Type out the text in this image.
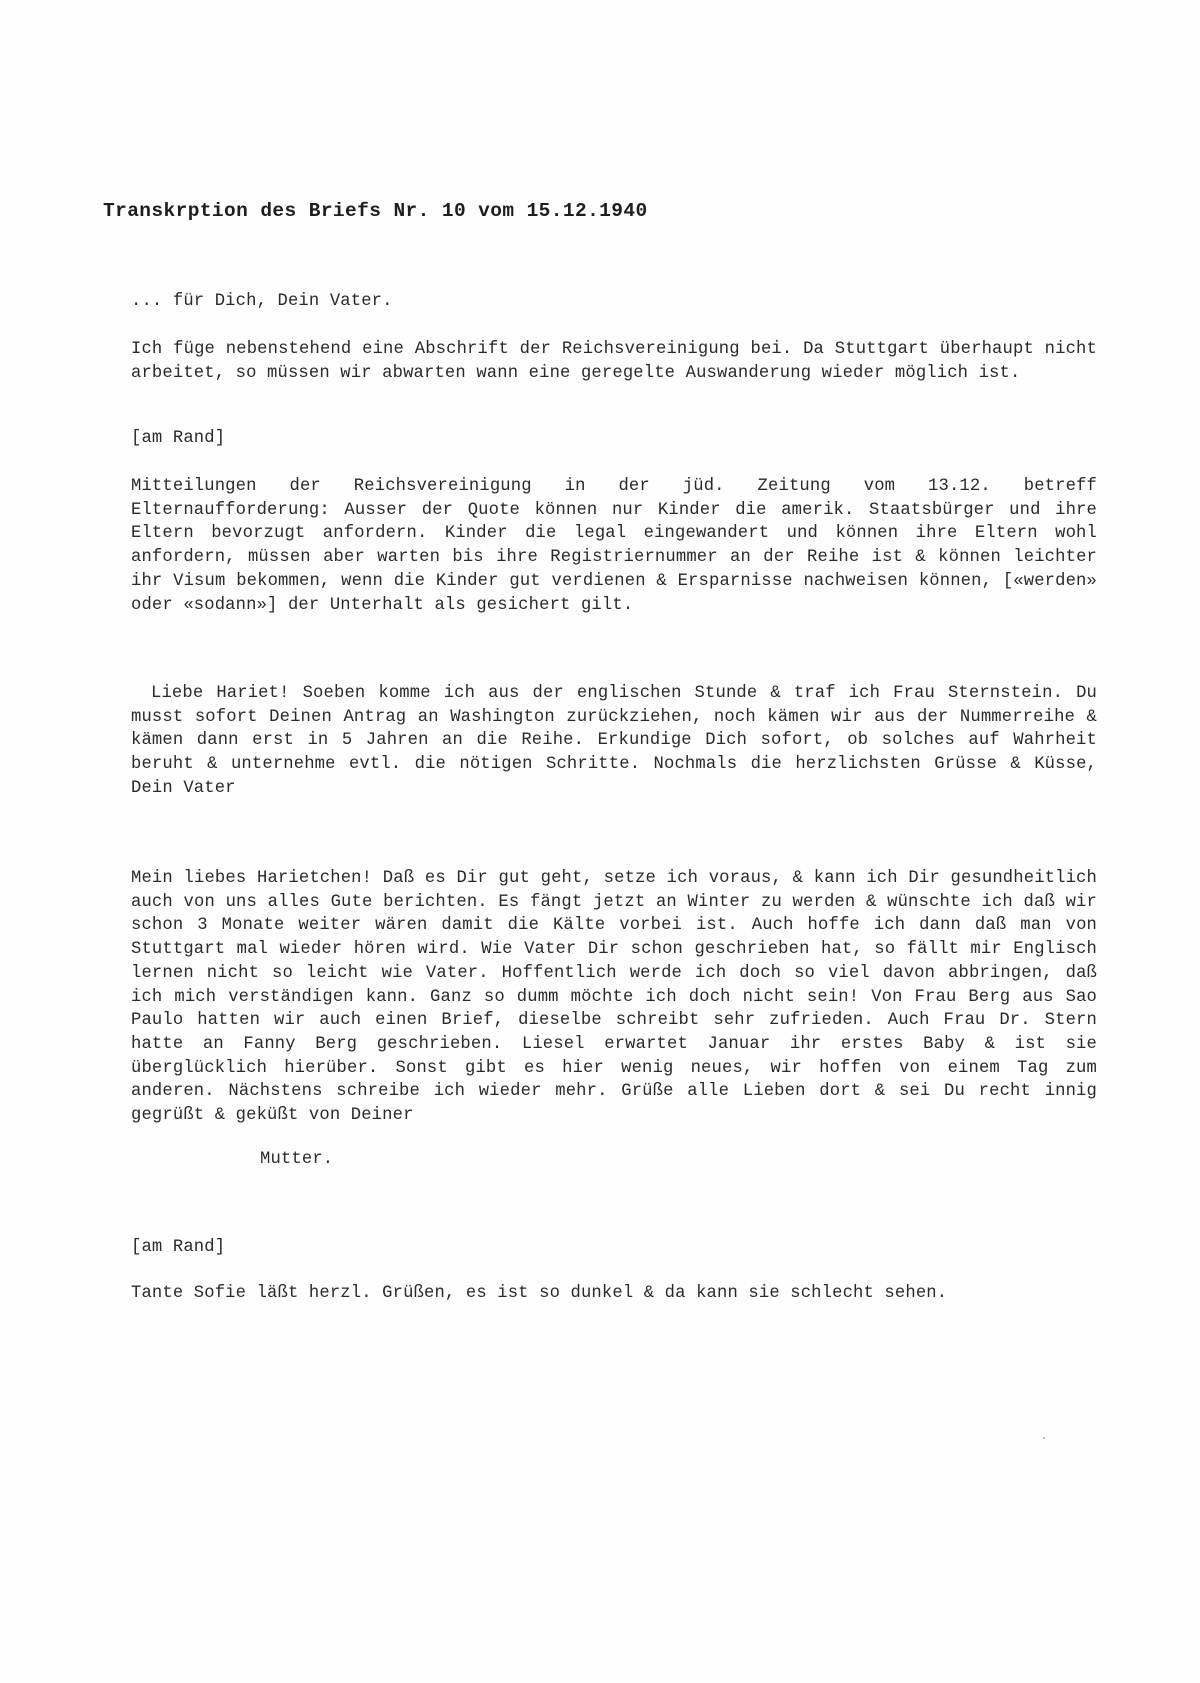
Transkrption des Briefs Nr. 10 vom 15.12.1940
... für Dich, Dein Vater.
Ich füge nebenstehend eine Abschrift der Reichsvereinigung bei. Da Stuttgart überhaupt nicht arbeitet, so müssen wir abwarten wann eine geregelte Auswanderung wieder möglich ist.
[am Rand]
Mitteilungen der Reichsvereinigung in der jüd. Zeitung vom 13.12. betreff Elternaufforderung: Ausser der Quote können nur Kinder die amerik. Staatsbürger und ihre Eltern bevorzugt anfordern. Kinder die legal eingewandert und können ihre Eltern wohl anfordern, müssen aber warten bis ihre Registriernummer an der Reihe ist & können leichter ihr Visum bekommen, wenn die Kinder gut verdienen & Ersparnisse nachweisen können, [«werden» oder «sodann»] der Unterhalt als gesichert gilt.
Liebe Hariet! Soeben komme ich aus der englischen Stunde & traf ich Frau Sternstein. Du musst sofort Deinen Antrag an Washington zurückziehen, noch kämen wir aus der Nummerreihe & kämen dann erst in 5 Jahren an die Reihe. Erkundige Dich sofort, ob solches auf Wahrheit beruht & unternehme evtl. die nötigen Schritte. Nochmals die herzlichsten Grüsse & Küsse, Dein Vater
Mein liebes Harietchen! Daß es Dir gut geht, setze ich voraus, & kann ich Dir gesundheitlich auch von uns alles Gute berichten. Es fängt jetzt an Winter zu werden & wünschte ich daß wir schon 3 Monate weiter wären damit die Kälte vorbei ist. Auch hoffe ich dann daß man von Stuttgart mal wieder hören wird. Wie Vater Dir schon geschrieben hat, so fällt mir Englisch lernen nicht so leicht wie Vater. Hoffentlich werde ich doch so viel davon abbringen, daß ich mich verständigen kann. Ganz so dumm möchte ich doch nicht sein! Von Frau Berg aus Sao Paulo hatten wir auch einen Brief, dieselbe schreibt sehr zufrieden. Auch Frau Dr. Stern hatte an Fanny Berg geschrieben. Liesel erwartet Januar ihr erstes Baby & ist sie überglücklich hierüber. Sonst gibt es hier wenig neues, wir hoffen von einem Tag zum anderen. Nächstens schreibe ich wieder mehr. Grüße alle Lieben dort & sei Du recht innig gegrüßt & geküßt von Deiner
Mutter.
[am Rand]
Tante Sofie läßt herzl. Grüßen, es ist so dunkel & da kann sie schlecht sehen.
